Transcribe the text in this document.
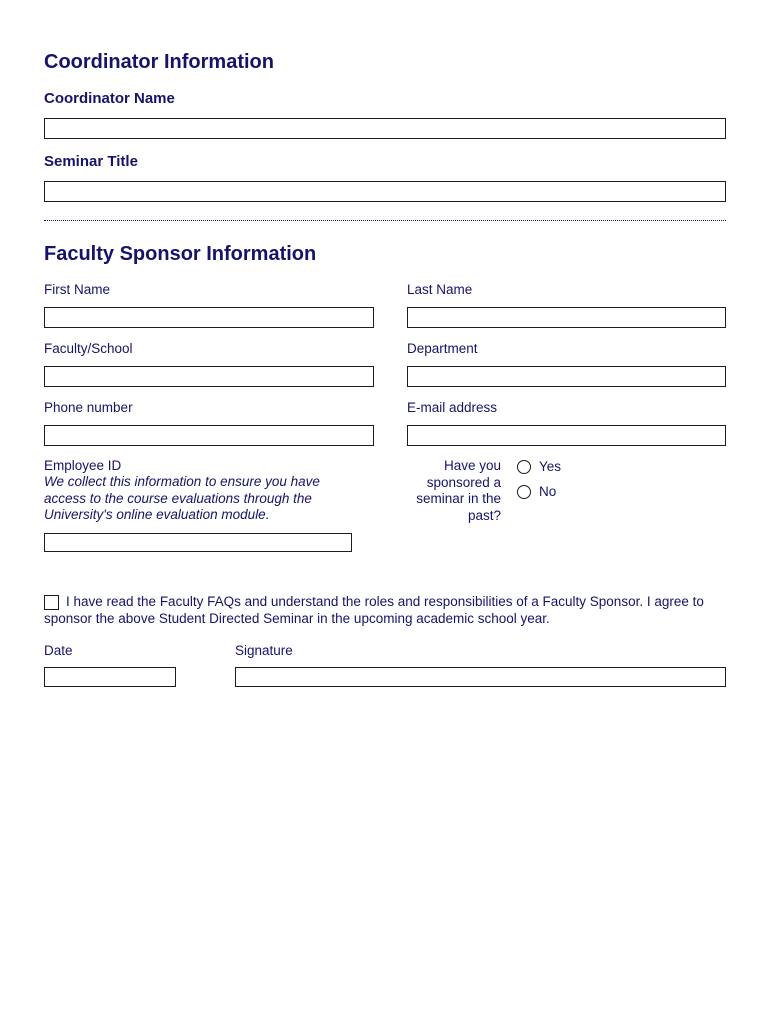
Coordinator Information
Coordinator Name
Seminar Title
Faculty Sponsor Information
First Name	Last Name
Faculty/School	Department
Phone number	E-mail address
Employee ID
We collect this information to ensure you have access to the course evaluations through the University's online evaluation module.
Have you
sponsored a
seminar in the
past?
Yes
No
I have read the Faculty FAQs and understand the roles and responsibilities of a Faculty Sponsor. I agree to sponsor the above Student Directed Seminar in the upcoming academic school year.
Date	Signature
